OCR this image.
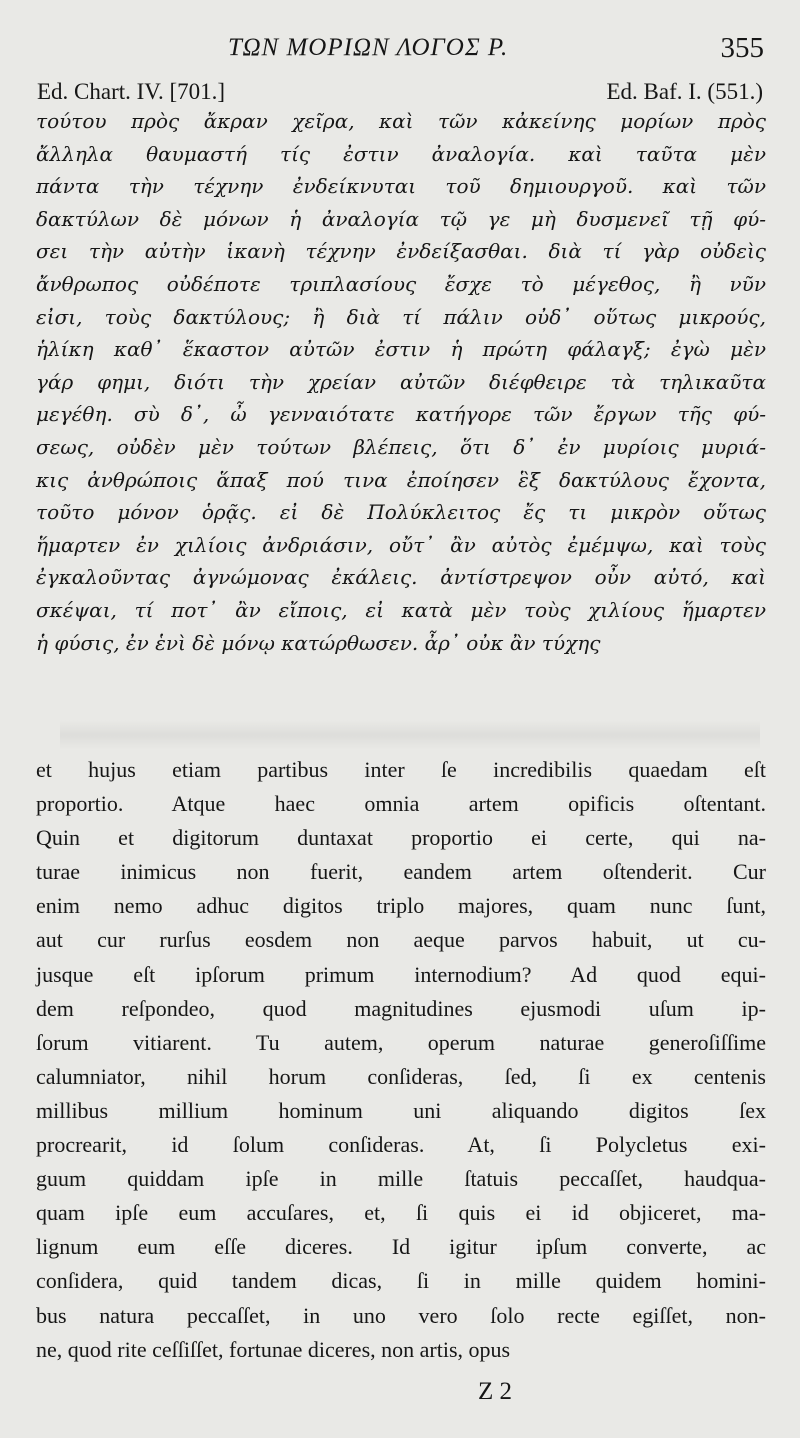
ΤΩΝ ΜΟΡΙΩΝ ΛΟΓΟΣ Ρ.	355
Ed. Chart. IV. [701.]	Ed. Baf. I. (551.)
τούτου πρὸς ἄκραν χεῖρα, καὶ τῶν κἀκείνης μορίων πρὸς
ἄλληλα θαυμαστή τίς ἐστιν ἀναλογία. καὶ ταῦτα μὲν
πάντα τὴν τέχνην ἐνδείκνυται τοῦ δημιουργοῦ. καὶ τῶν
δακτύλων δὲ μόνων ἡ ἀναλογία τῷ γε μὴ δυσμενεῖ τῇ φύ-
σει τὴν αὐτὴν ἱκανὴ τέχνην ἐνδείξασθαι. διὰ τί γὰρ οὐδεὶς
ἄνθρωπος οὐδέποτε τριπλασίους ἔσχε τὸ μέγεθος, ἢ νῦν
εἰσι, τοὺς δακτύλους; ἢ διὰ τί πάλιν οὐδ᾽ οὕτως μικρούς,
ἡλίκη καθ᾽ ἕκαστον αὐτῶν ἐστιν ἡ πρώτη φάλαγξ; ἐγὼ μὲν
γάρ φημι, διότι τὴν χρείαν αὐτῶν διέφθειρε τὰ τηλικαῦτα
μεγέθη. σὺ δ᾽, ὦ γενναιότατε κατήγορε τῶν ἔργων τῆς φύ-
σεως, οὐδὲν μὲν τούτων βλέπεις, ὅτι δ᾽ ἐν μυρίοις μυριά-
κις ἀνθρώποις ἅπαξ πού τινα ἐποίησεν ἓξ δακτύλους ἔχοντα,
τοῦτο μόνον ὁρᾷς. εἰ δὲ Πολύκλειτος ἔς τι μικρὸν οὕτως
ἥμαρτεν ἐν χιλίοις ἀνδριάσιν, οὔτ᾽ ἂν αὐτὸς ἐμέμψω, καὶ τοὺς
ἐγκαλοῦντας ἀγνώμονας ἐκάλεις. ἀντίστρεψον οὖν αὐτό, καὶ
σκέψαι, τί ποτ᾽ ἂν εἴποις, εἰ κατὰ μὲν τοὺς χιλίους ἥμαρτεν
ἡ φύσις, ἐν ἑνὶ δὲ μόνῳ κατώρθωσεν. ἆρ᾽ οὐκ ἂν τύχης
et hujus etiam partibus inter ſe incredibilis quaedam eſt
proportio. Atque haec omnia artem opificis oſtentant.
Quin et digitorum duntaxat proportio ei certe, qui na-
turae inimicus non fuerit, eandem artem oſtenderit. Cur
enim nemo adhuc digitos triplo majores, quam nunc ſunt,
aut cur rurſus eosdem non aeque parvos habuit, ut cu-
jusque eſt ipſorum primum internodium? Ad quod equi-
dem reſpondeo, quod magnitudines ejusmodi uſum ip-
ſorum vitiarent. Tu autem, operum naturae generoſiſſime
calumniator, nihil horum conſideras, ſed, ſi ex centenis
millibus millium hominum uni aliquando digitos ſex
procrearit, id ſolum conſideras. At, ſi Polycletus exi-
guum quiddam ipſe in mille ſtatuis peccaſſet, haudqua-
quam ipſe eum accuſares, et, ſi quis ei id objiceret, ma-
lignum eum eſſe diceres. Id igitur ipſum converte, ac
conſidera, quid tandem dicas, ſi in mille quidem homini-
bus natura peccaſſet, in uno vero ſolo recte egiſſet, non-
ne, quod rite ceſſiſſet, fortunae diceres, non artis, opus
Z 2
